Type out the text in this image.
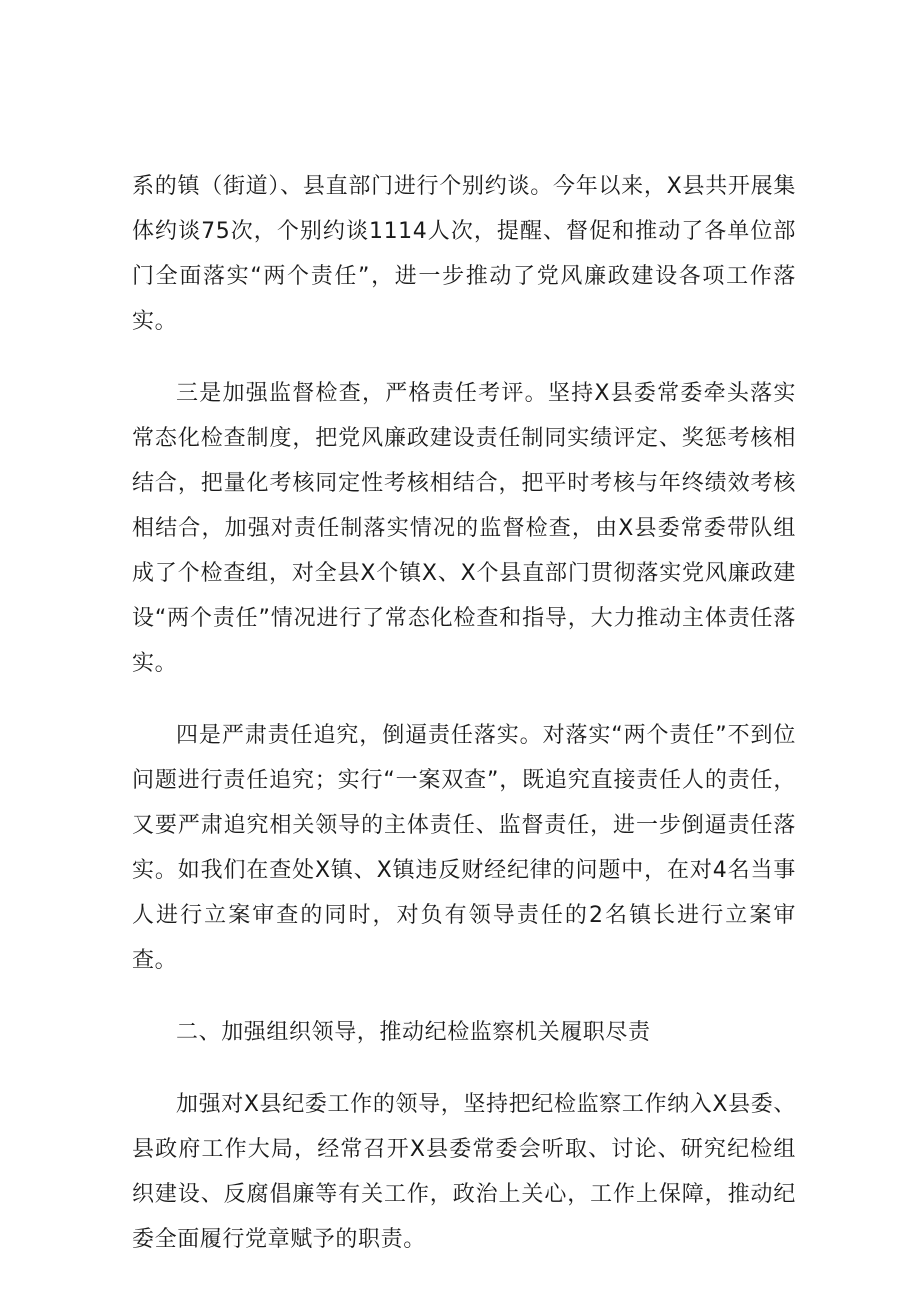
系的镇（街道）、县直部门进行个别约谈。今年以来，X县共开展集体约谈75次，个别约谈1114人次，提醒、督促和推动了各单位部门全面落实“两个责任”，进一步推动了党风廉政建设各项工作落实。

三是加强监督检查，严格责任考评。坚持X县委常委牵头落实常态化检查制度，把党风廉政建设责任制同实绩评定、奖惩考核相结合，把量化考核同定性考核相结合，把平时考核与年终绩效考核相结合，加强对责任制落实情况的监督检查，由X县委常委带队组成了个检查组，对全县X个镇X、X个县直部门贯彻落实党风廉政建设“两个责任”情况进行了常态化检查和指导，大力推动主体责任落实。

四是严肃责任追究，倒逼责任落实。对落实“两个责任”不到位问题进行责任追究；实行“一案双查”，既追究直接责任人的责任，又要严肃追究相关领导的主体责任、监督责任，进一步倒逼责任落实。如我们在查处X镇、X镇违反财经纪律的问题中，在对4名当事人进行立案审查的同时，对负有领导责任的2名镇长进行立案审查。

二、加强组织领导，推动纪检监察机关履职尽责

加强对X县纪委工作的领导，坚持把纪检监察工作纳入X县委、县政府工作大局，经常召开X县委常委会听取、讨论、研究纪检组织建设、反腐倡廉等有关工作，政治上关心，工作上保障，推动纪委全面履行党章赋予的职责。
